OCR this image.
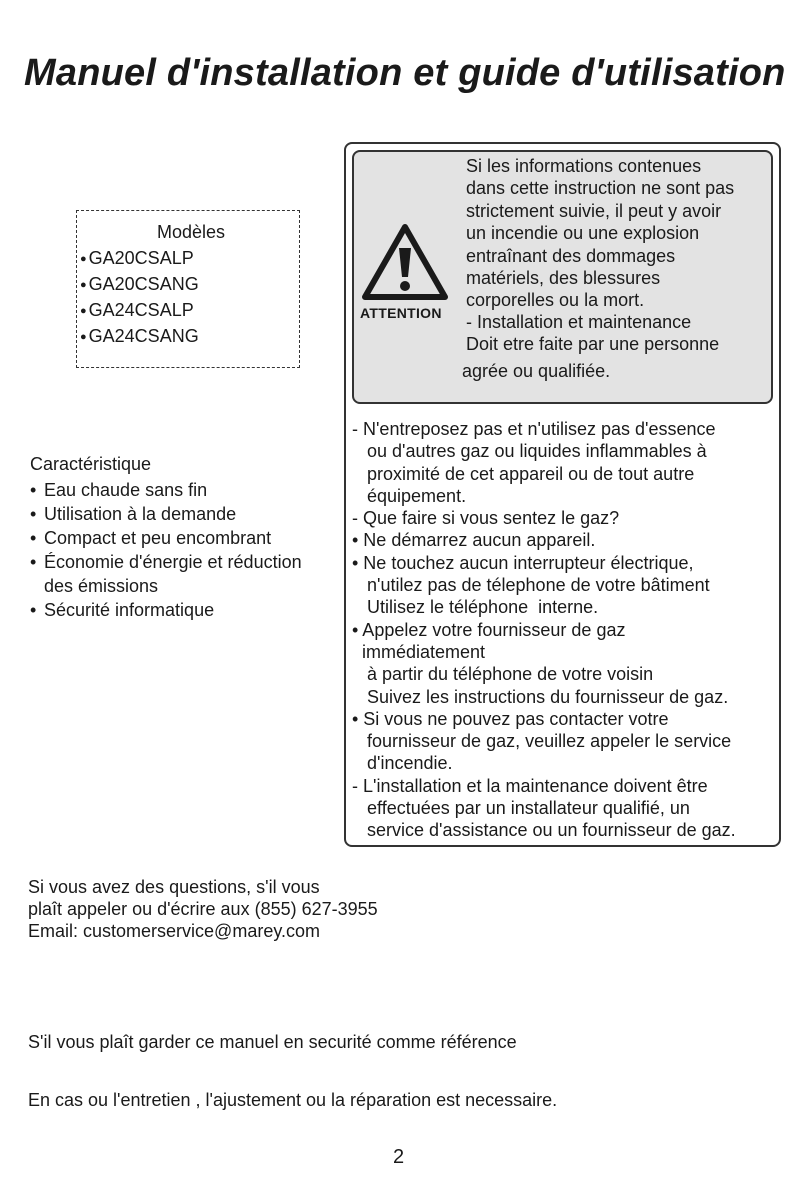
Manuel d'installation et guide d'utilisation
Modèles
● GA20CSALP
● GA20CSANG
● GA24CSALP
● GA24CSANG
Caractéristique
• Eau chaude sans fin
• Utilisation à la demande
• Compact et peu encombrant
• Économie d'énergie et réduction des émissions
• Sécurité informatique
ATTENTION
Si les informations contenues
dans cette instruction ne sont pas
strictement suivie, il peut y avoir
un incendie ou une explosion
entraînant des dommages
matériels, des blessures
corporelles ou la mort.
- Installation et maintenance
Doit etre faite par une personne
agrée ou qualifiée.
- N'entreposez pas et n'utilisez pas d'essence
ou d'autres gaz ou liquides inflammables à
proximité de cet appareil ou de tout autre
équipement.
- Que faire si vous sentez le gaz?
• Ne démarrez aucun appareil.
• Ne touchez aucun interrupteur électrique,
n'utilez pas de télephone de votre bâtiment
Utilisez le téléphone  interne.
• Appelez votre fournisseur de gaz
immédiatement
à partir du téléphone de votre voisin
Suivez les instructions du fournisseur de gaz.
• Si vous ne pouvez pas contacter votre
fournisseur de gaz, veuillez appeler le service
d'incendie.
- L'installation et la maintenance doivent être
effectuées par un installateur qualifié, un
service d'assistance ou un fournisseur de gaz.
Si vous avez des questions, s'il vous
plaît appeler ou d'écrire aux (855) 627-3955
Email: customerservice@marey.com
S'il vous plaît garder ce manuel en securité comme référence
En cas ou l'entretien , l'ajustement ou la réparation est necessaire.
2
